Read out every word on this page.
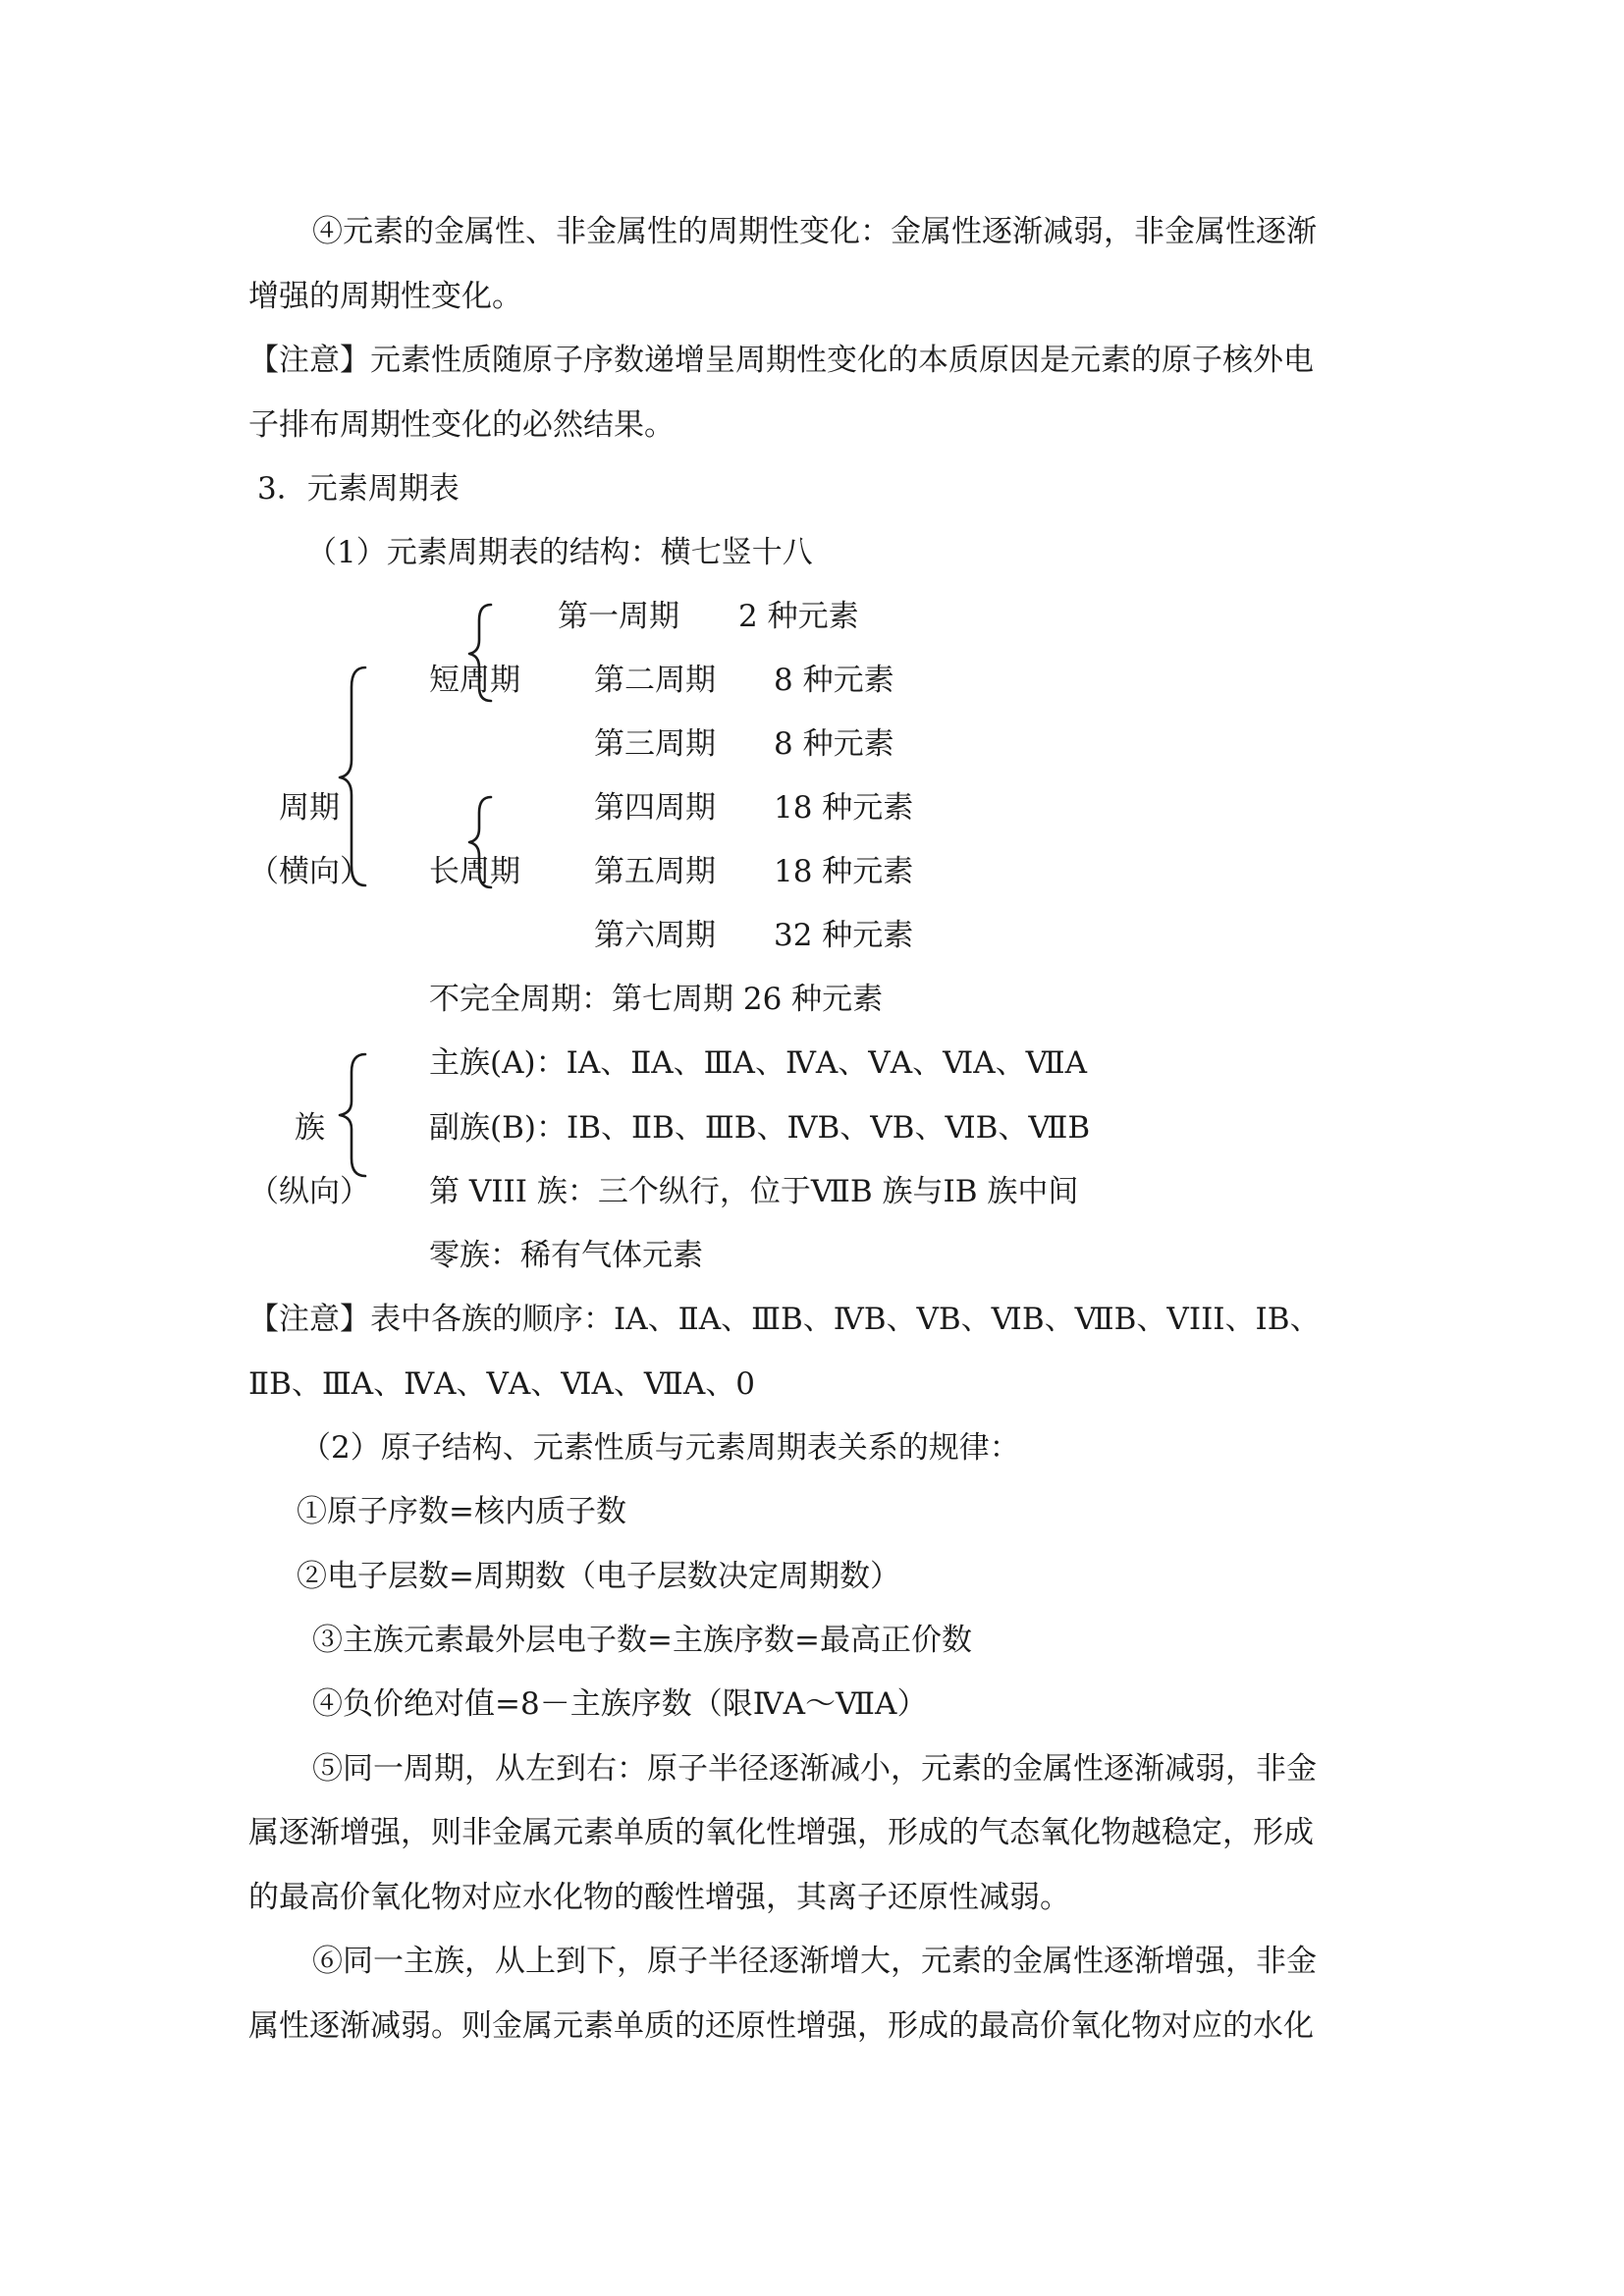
④元素的金属性、非金属性的周期性变化：金属性逐渐减弱，非金属性逐渐
增强的周期性变化。
【注意】元素性质随原子序数递增呈周期性变化的本质原因是元素的原子核外电
子排布周期性变化的必然结果。
3．元素周期表
（1）元素周期表的结构：横七竖十八
第一周期 2 种元素
短周期 第二周期 8 种元素
第三周期 8 种元素
周期	第四周期 18 种元素
（横向） 长周期 第五周期 18 种元素
第六周期 32 种元素
不完全周期：第七周期 26 种元素
主族(A)：ⅠA、ⅡA、ⅢA、ⅣA、ⅤA、ⅥA、ⅦA
族	副族(B)：ⅠB、ⅡB、ⅢB、ⅣB、ⅤB、ⅥB、ⅦB
（纵向） 第 VIII 族：三个纵行，位于ⅦB 族与ⅠB 族中间
零族：稀有气体元素
【注意】表中各族的顺序：ⅠA、ⅡA、ⅢB、ⅣB、ⅤB、ⅥB、ⅦB、VIII、ⅠB、
ⅡB、ⅢA、ⅣA、ⅤA、ⅥA、ⅦA、0
（2）原子结构、元素性质与元素周期表关系的规律：
①原子序数=核内质子数
②电子层数=周期数（电子层数决定周期数）
③主族元素最外层电子数=主族序数=最高正价数
④负价绝对值=8－主族序数（限ⅣA～ⅦA）
⑤同一周期，从左到右：原子半径逐渐减小，元素的金属性逐渐减弱，非金
属逐渐增强，则非金属元素单质的氧化性增强，形成的气态氧化物越稳定，形成
的最高价氧化物对应水化物的酸性增强，其离子还原性减弱。
⑥同一主族，从上到下，原子半径逐渐增大，元素的金属性逐渐增强，非金
属性逐渐减弱。则金属元素单质的还原性增强，形成的最高价氧化物对应的水化
